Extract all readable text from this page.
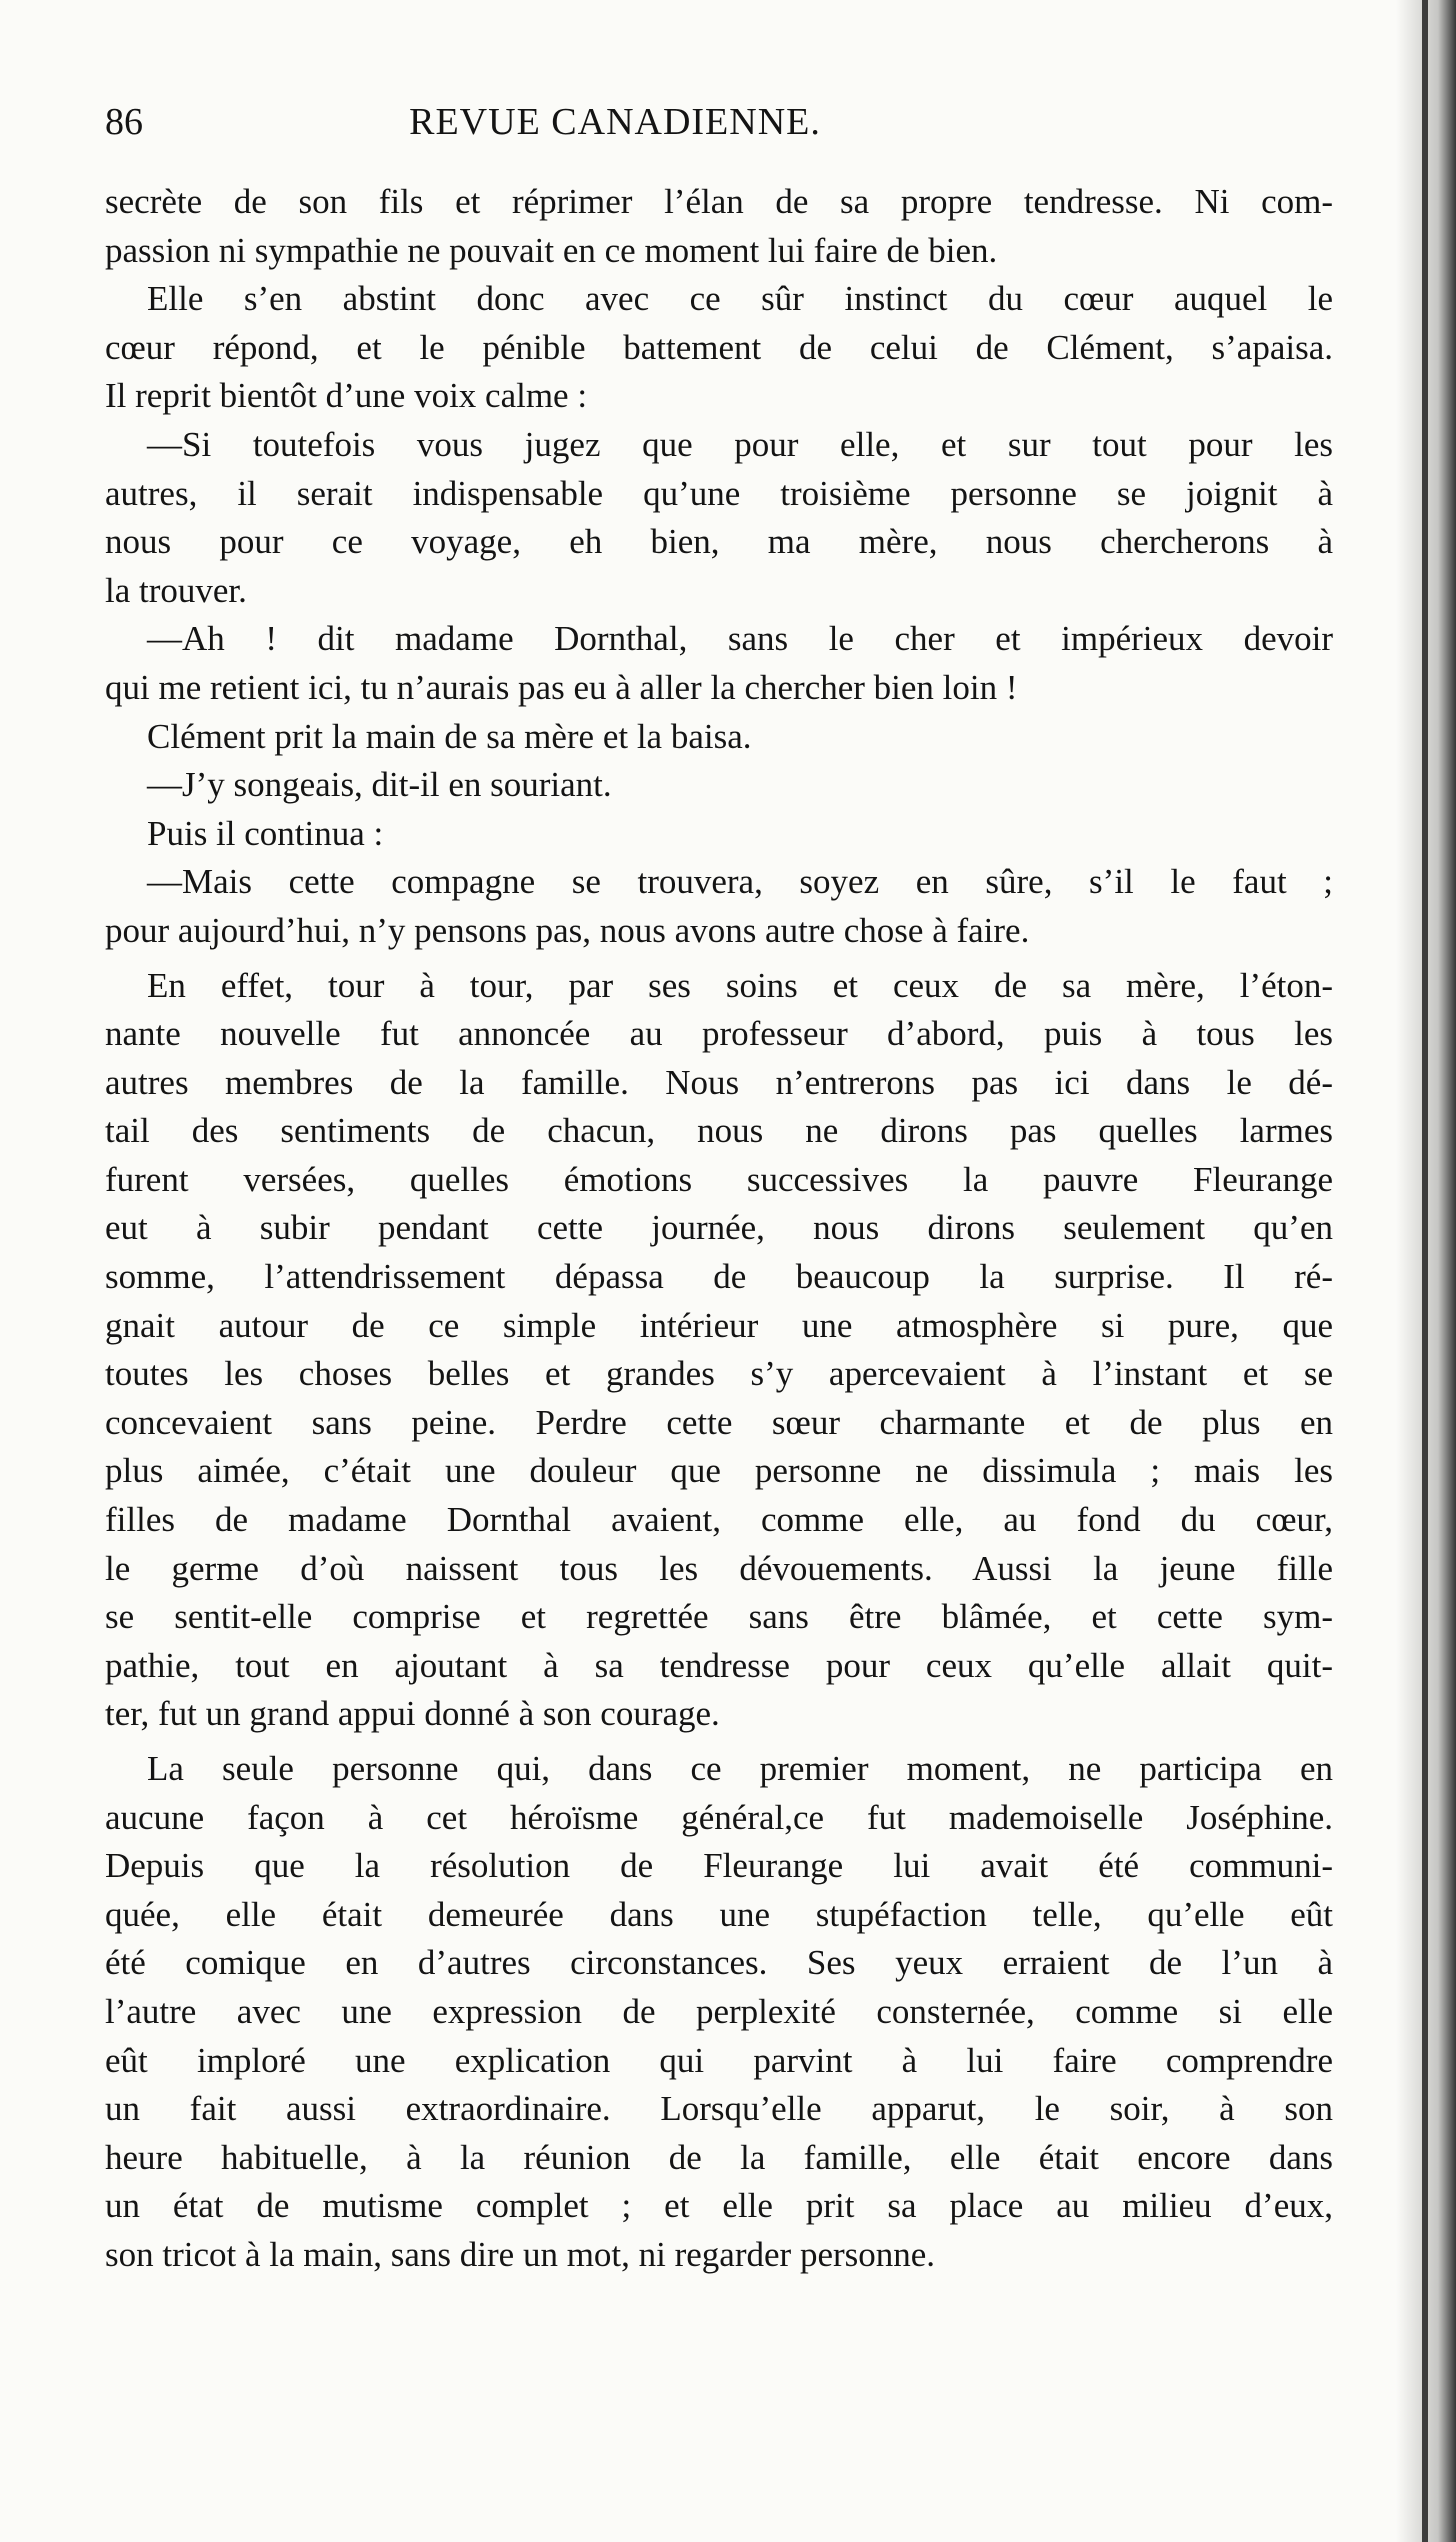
86	REVUE CANADIENNE.
secrète de son fils et réprimer l’élan de sa propre tendresse. Ni com-
passion ni sympathie ne pouvait en ce moment lui faire de bien.
Elle s’en abstint donc avec ce sûr instinct du cœur auquel le
cœur répond, et le pénible battement de celui de Clément, s’apaisa.
Il reprit bientôt d’une voix calme :
—Si toutefois vous jugez que pour elle, et sur tout pour les
autres, il serait indispensable qu’une troisième personne se joignit à
nous pour ce voyage, eh bien, ma mère, nous chercherons à
la trouver.
—Ah ! dit madame Dornthal, sans le cher et impérieux devoir
qui me retient ici, tu n’aurais pas eu à aller la chercher bien loin !
Clément prit la main de sa mère et la baisa.
—J’y songeais, dit-il en souriant.
Puis il continua :
—Mais cette compagne se trouvera, soyez en sûre, s’il le faut ;
pour aujourd’hui, n’y pensons pas, nous avons autre chose à faire.
En effet, tour à tour, par ses soins et ceux de sa mère, l’éton-
nante nouvelle fut annoncée au professeur d’abord, puis à tous les
autres membres de la famille. Nous n’entrerons pas ici dans le dé-
tail des sentiments de chacun, nous ne dirons pas quelles larmes
furent versées, quelles émotions successives la pauvre Fleurange
eut à subir pendant cette journée, nous dirons seulement qu’en
somme, l’attendrissement dépassa de beaucoup la surprise. Il ré-
gnait autour de ce simple intérieur une atmosphère si pure, que
toutes les choses belles et grandes s’y apercevaient à l’instant et se
concevaient sans peine. Perdre cette sœur charmante et de plus en
plus aimée, c’était une douleur que personne ne dissimula ; mais les
filles de madame Dornthal avaient, comme elle, au fond du cœur,
le germe d’où naissent tous les dévouements. Aussi la jeune fille
se sentit-elle comprise et regrettée sans être blâmée, et cette sym-
pathie, tout en ajoutant à sa tendresse pour ceux qu’elle allait quit-
ter, fut un grand appui donné à son courage.
La seule personne qui, dans ce premier moment, ne participa en
aucune façon à cet héroïsme général,ce fut mademoiselle Joséphine.
Depuis que la résolution de Fleurange lui avait été communi-
quée, elle était demeurée dans une stupéfaction telle, qu’elle eût
été comique en d’autres circonstances. Ses yeux erraient de l’un à
l’autre avec une expression de perplexité consternée, comme si elle
eût imploré une explication qui parvint à lui faire comprendre
un fait aussi extraordinaire. Lorsqu’elle apparut, le soir, à son
heure habituelle, à la réunion de la famille, elle était encore dans
un état de mutisme complet ; et elle prit sa place au milieu d’eux,
son tricot à la main, sans dire un mot, ni regarder personne.
